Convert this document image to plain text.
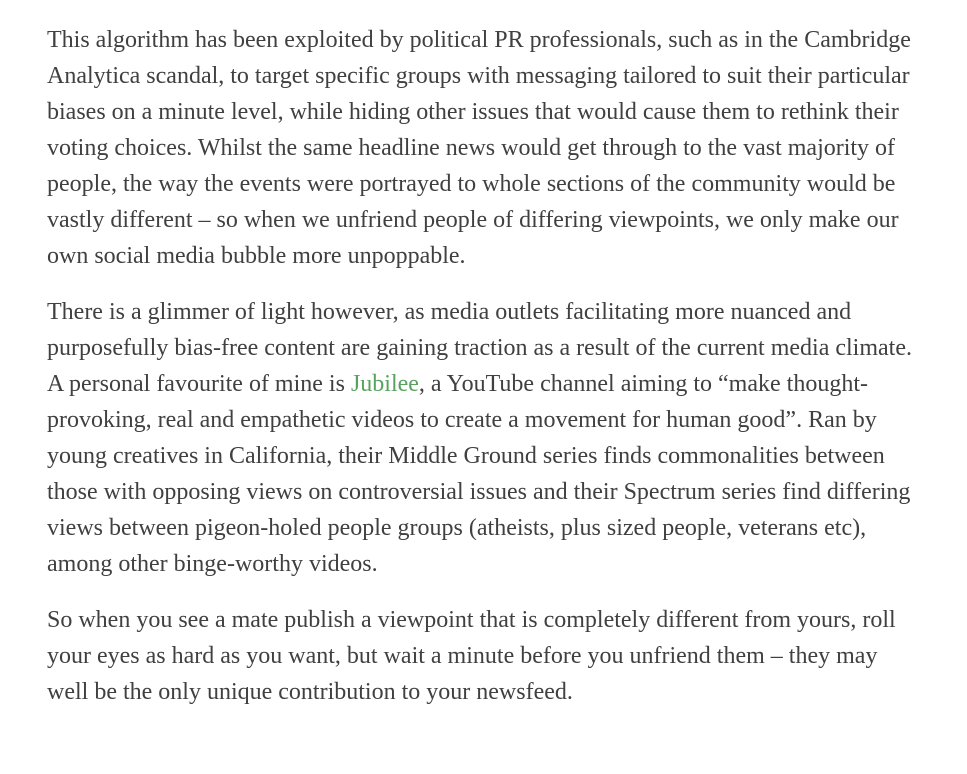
This algorithm has been exploited by political PR professionals, such as in the Cambridge Analytica scandal, to target specific groups with messaging tailored to suit their particular biases on a minute level, while hiding other issues that would cause them to rethink their voting choices. Whilst the same headline news would get through to the vast majority of people, the way the events were portrayed to whole sections of the community would be vastly different – so when we unfriend people of differing viewpoints, we only make our own social media bubble more unpoppable.

There is a glimmer of light however, as media outlets facilitating more nuanced and purposefully bias-free content are gaining traction as a result of the current media climate. A personal favourite of mine is Jubilee, a YouTube channel aiming to “make thought-provoking, real and empathetic videos to create a movement for human good”. Ran by young creatives in California, their Middle Ground series finds commonalities between those with opposing views on controversial issues and their Spectrum series find differing views between pigeon-holed people groups (atheists, plus sized people, veterans etc), among other binge-worthy videos.

So when you see a mate publish a viewpoint that is completely different from yours, roll your eyes as hard as you want, but wait a minute before you unfriend them – they may well be the only unique contribution to your newsfeed.
